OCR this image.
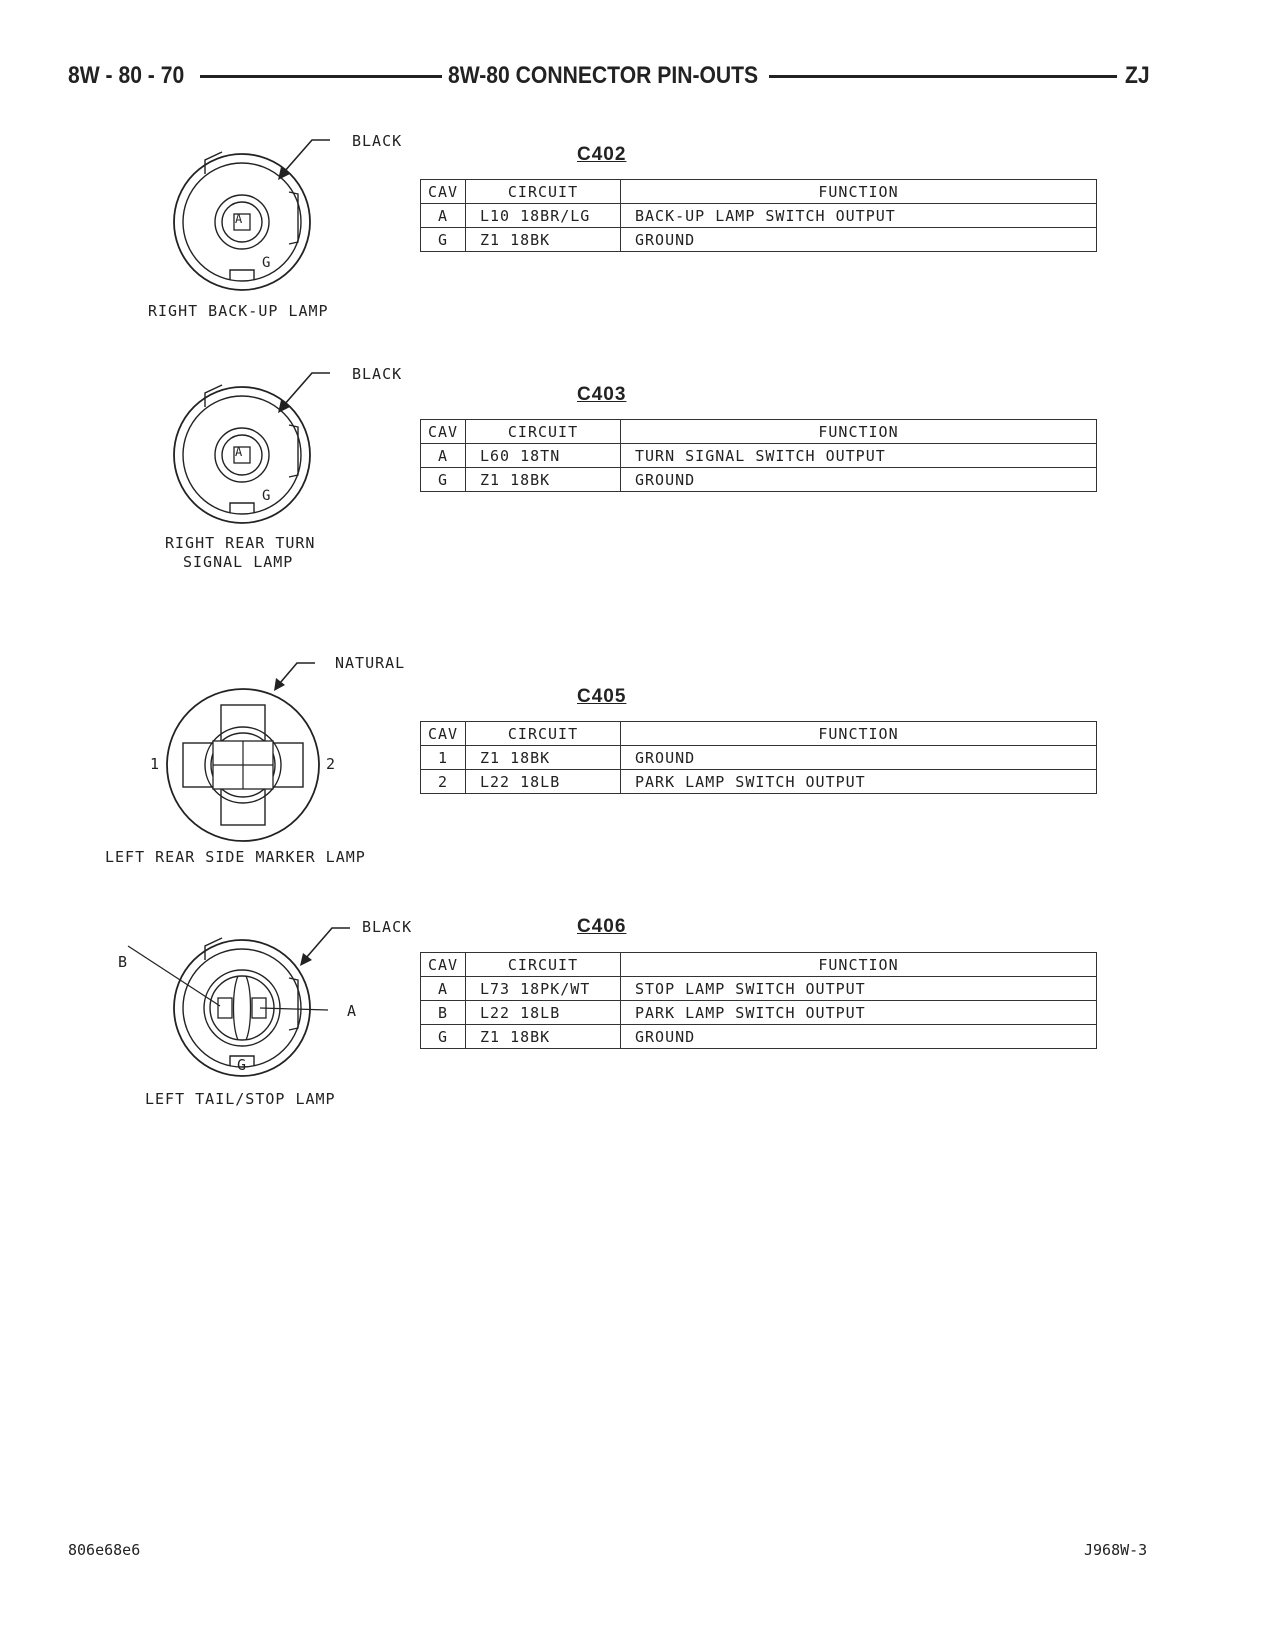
8W - 80 - 70	8W-80 CONNECTOR PIN-OUTS	ZJ
BLACK
A
G
RIGHT BACK-UP LAMP
C402
CAV	CIRCUIT	FUNCTION
A	L10 18BR/LG	BACK-UP LAMP SWITCH OUTPUT
G	Z1 18BK	GROUND
BLACK
A
G
RIGHT REAR TURN
SIGNAL LAMP
C403
CAV	CIRCUIT	FUNCTION
A	L60 18TN	TURN SIGNAL SWITCH OUTPUT
G	Z1 18BK	GROUND
NATURAL
1	2
LEFT REAR SIDE MARKER LAMP
C405
CAV	CIRCUIT	FUNCTION
1	Z1 18BK	GROUND
2	L22 18LB	PARK LAMP SWITCH OUTPUT
BLACK
B
A
G
LEFT TAIL/STOP LAMP
C406
CAV	CIRCUIT	FUNCTION
A	L73 18PK/WT	STOP LAMP SWITCH OUTPUT
B	L22 18LB	PARK LAMP SWITCH OUTPUT
G	Z1 18BK	GROUND
806e68e6	J968W-3
